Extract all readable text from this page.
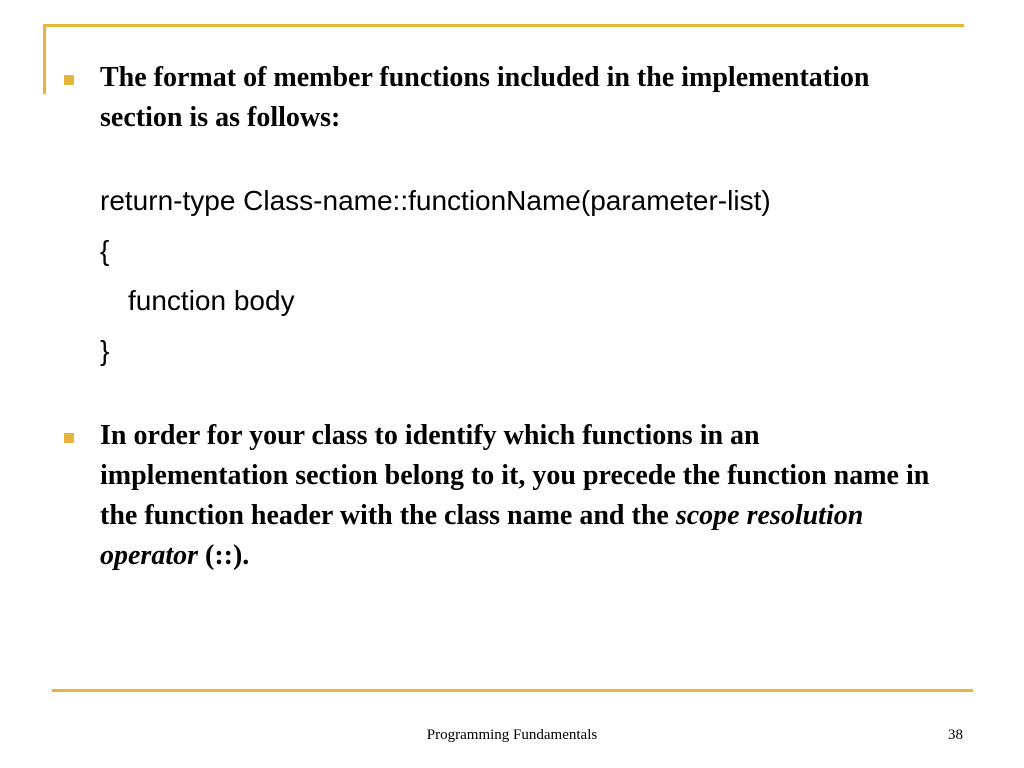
The format of member functions included in the implementation section is as follows:
return-type Class-name::functionName(parameter-list)
{
function body
}
In order for your class to identify which functions in an implementation section belong to it, you precede the function name in the function header with the class name and the scope resolution operator (::).
Programming Fundamentals	38
